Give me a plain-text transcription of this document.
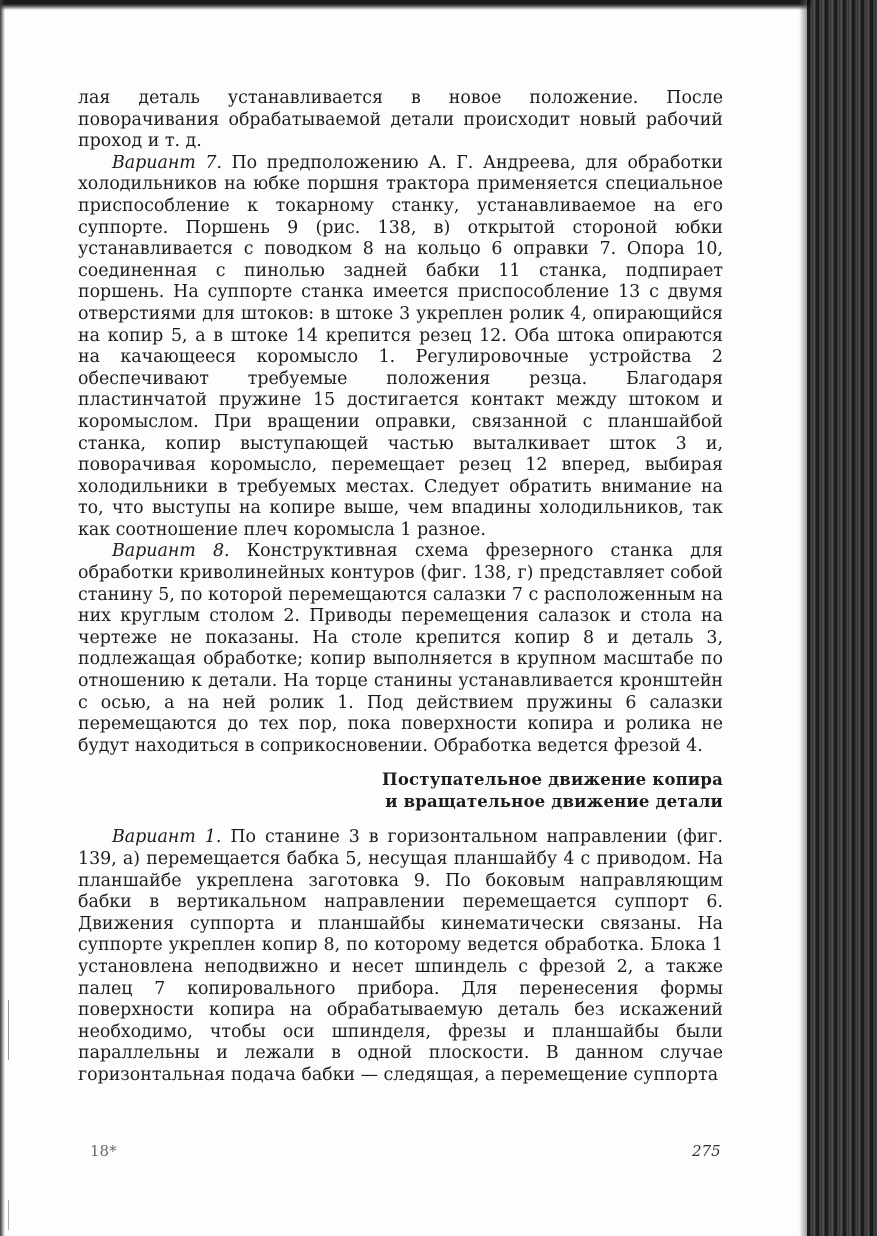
лая деталь устанавливается в новое положение. После поворачивания обрабатываемой детали происходит новый рабочий проход и т. д.

Вариант 7. По предположению А. Г. Андреева, для обработки холодильников на юбке поршня трактора применяется специальное приспособление к токарному станку, устанавливаемое на его суппорте. Поршень 9 (рис. 138, в) открытой стороной юбки устанавливается с поводком 8 на кольцо 6 оправки 7. Опора 10, соединенная с пинолью задней бабки 11 станка, подпирает поршень. На суппорте станка имеется приспособление 13 с двумя отверстиями для штоков: в штоке 3 укреплен ролик 4, опирающийся на копир 5, а в штоке 14 крепится резец 12. Оба штока опираются на качающееся коромысло 1. Регулировочные устройства 2 обеспечивают требуемые положения резца. Благодаря пластинчатой пружине 15 достигается контакт между штоком и коромыслом. При вращении оправки, связанной с планшайбой станка, копир выступающей частью выталкивает шток 3 и, поворачивая коромысло, перемещает резец 12 вперед, выбирая холодильники в требуемых местах. Следует обратить внимание на то, что выступы на копире выше, чем впадины холодильников, так как соотношение плеч коромысла 1 разное.

Вариант 8. Конструктивная схема фрезерного станка для обработки криволинейных контуров (фиг. 138, г) представляет собой станину 5, по которой перемещаются салазки 7 с расположенным на них круглым столом 2. Приводы перемещения салазок и стола на чертеже не показаны. На столе крепится копир 8 и деталь 3, подлежащая обработке; копир выполняется в крупном масштабе по отношению к детали. На торце станины устанавливается кронштейн с осью, а на ней ролик 1. Под действием пружины 6 салазки перемещаются до тех пор, пока поверхности копира и ролика не будут находиться в соприкосновении. Обработка ведется фрезой 4.

Поступательное движение копира
и вращательное движение детали

Вариант 1. По станине 3 в горизонтальном направлении (фиг. 139, а) перемещается бабка 5, несущая планшайбу 4 с приводом. На планшайбе укреплена заготовка 9. По боковым направляющим бабки в вертикальном направлении перемещается суппорт 6. Движения суппорта и планшайбы кинематически связаны. На суппорте укреплен копир 8, по которому ведется обработка. Блока 1 установлена неподвижно и несет шпиндель с фрезой 2, а также палец 7 копировального прибора. Для перенесения формы поверхности копира на обрабатываемую деталь без искажений необходимо, чтобы оси шпинделя, фрезы и планшайбы были параллельны и лежали в одной плоскости. В данном случае горизонтальная подача бабки — следящая, а перемещение суппорта

18*	275
